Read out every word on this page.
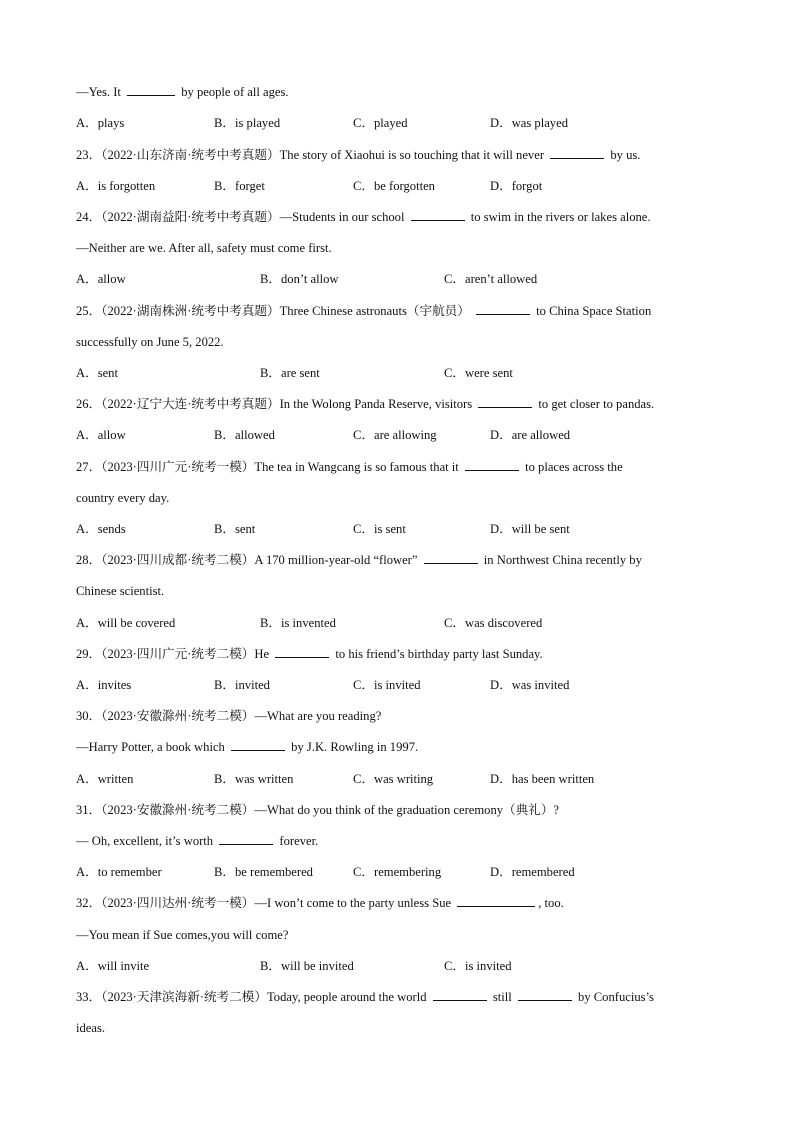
—Yes. It	by people of all ages.
A．plays	B．is played	C．played	D．was played
23．（2022·山东济南·统考中考真题）The story of Xiaohui is so touching that it will never	by us.
A．is forgotten	B．forget	C．be forgotten	D．forgot
24．（2022·湖南益阳·统考中考真题）—Students in our school	to swim in the rivers or lakes alone.
—Neither are we. After all, safety must come first.
A．allow	B．don’t allow	C．aren’t allowed
25．（2022·湖南株洲·统考中考真题）Three Chinese astronauts（宇航员）	to China Space Station
successfully on June 5, 2022.
A．sent	B．are sent	C．were sent
26．（2022·辽宁大连·统考中考真题）In the Wolong Panda Reserve, visitors	to get closer to pandas.
A．allow	B．allowed	C．are allowing	D．are allowed
27．（2023·四川广元·统考一模）The tea in Wangcang is so famous that it	to places across the
country every day.
A．sends	B．sent	C．is sent	D．will be sent
28．（2023·四川成都·统考二模）A 170 million-year-old “flower”	in Northwest China recently by
Chinese scientist.
A．will be covered	B．is invented	C．was discovered
29．（2023·四川广元·统考二模）He	to his friend’s birthday party last Sunday.
A．invites	B．invited	C．is invited	D．was invited
30．（2023·安徽滁州·统考二模）—What are you reading?
—Harry Potter, a book which	by J.K. Rowling in 1997.
A．written	B．was written	C．was writing	D．has been written
31．（2023·安徽滁州·统考二模）—What do you think of the graduation ceremony（典礼）?
— Oh, excellent, it’s worth	forever.
A．to remember	B．be remembered	C．remembering	D．remembered
32．（2023·四川达州·统考一模）—I won’t come to the party unless Sue	, too.
—You mean if Sue comes,you will come?
A．will invite	B．will be invited	C．is invited
33．（2023·天津滨海新·统考二模）Today, people around the world	still	by Confucius’s
ideas.
